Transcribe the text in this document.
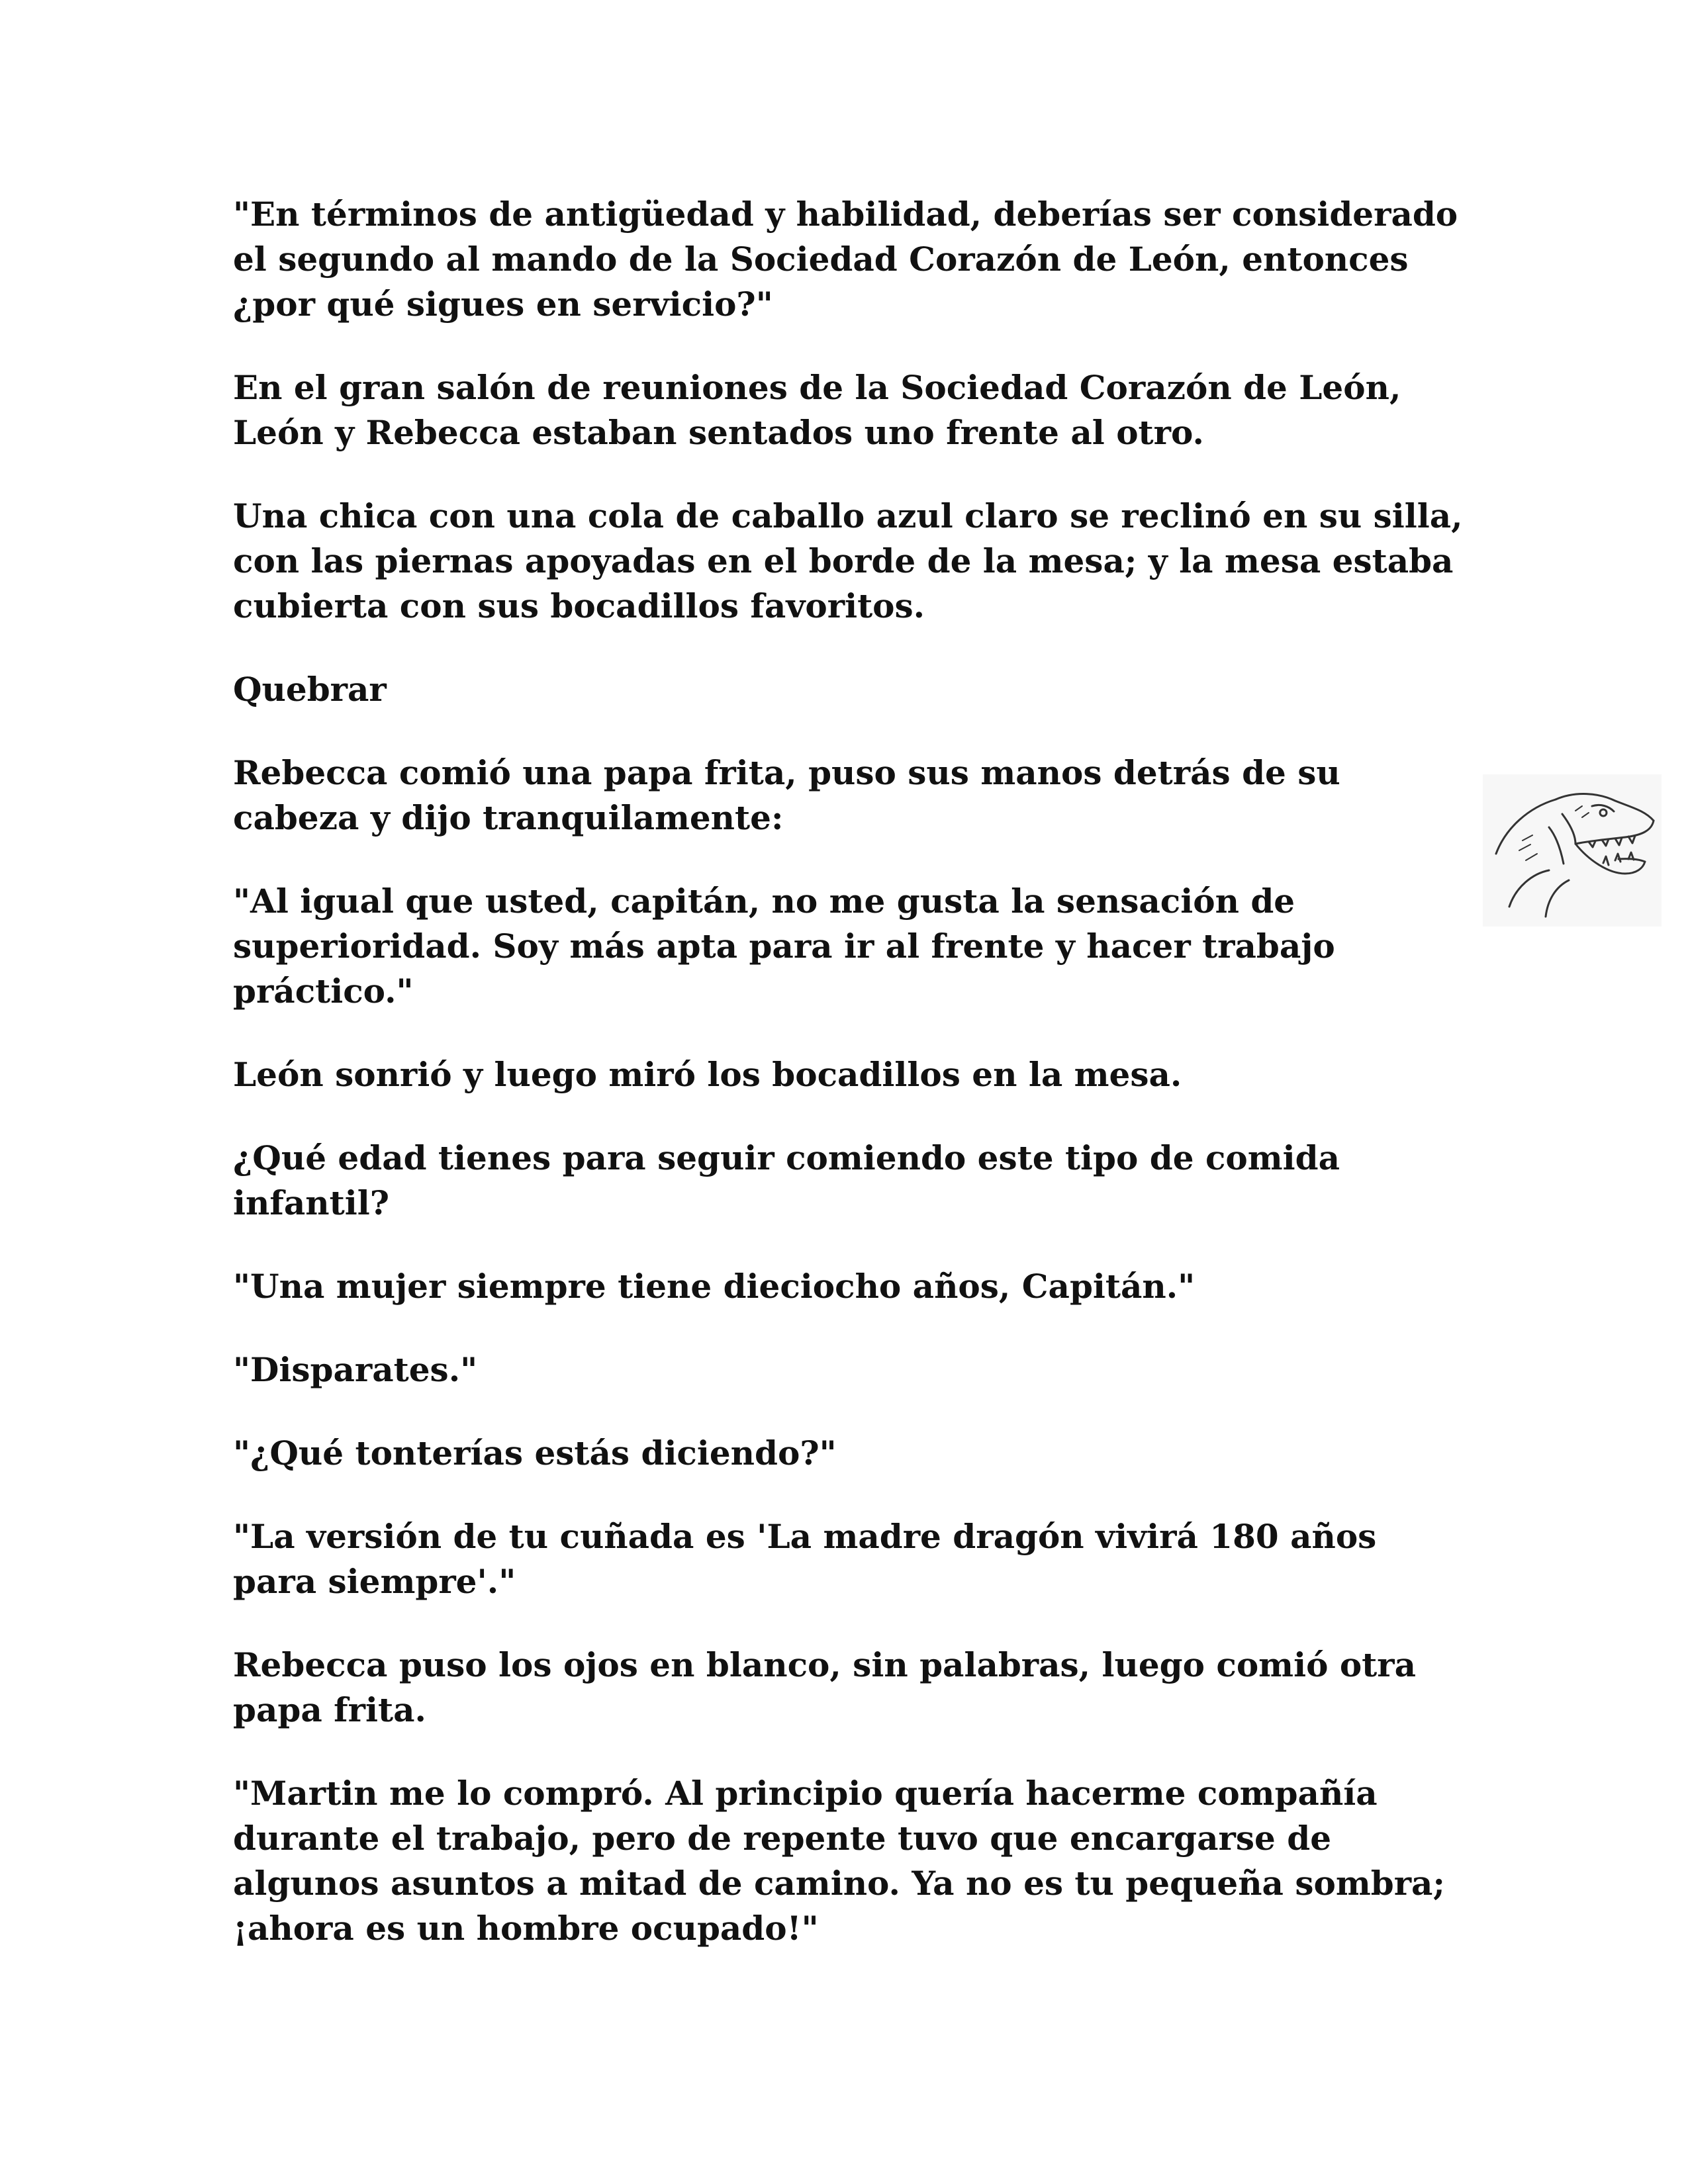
"En términos de antigüedad y habilidad, deberías ser considerado el segundo al mando de la Sociedad Corazón de León, entonces ¿por qué sigues en servicio?"

En el gran salón de reuniones de la Sociedad Corazón de León, León y Rebecca estaban sentados uno frente al otro.

Una chica con una cola de caballo azul claro se reclinó en su silla, con las piernas apoyadas en el borde de la mesa; y la mesa estaba cubierta con sus bocadillos favoritos.

Quebrar

Rebecca comió una papa frita, puso sus manos detrás de su cabeza y dijo tranquilamente:

"Al igual que usted, capitán, no me gusta la sensación de superioridad. Soy más apta para ir al frente y hacer trabajo práctico."

León sonrió y luego miró los bocadillos en la mesa.

¿Qué edad tienes para seguir comiendo este tipo de comida infantil?

"Una mujer siempre tiene dieciocho años, Capitán."

"Disparates."

"¿Qué tonterías estás diciendo?"

"La versión de tu cuñada es 'La madre dragón vivirá 180 años para siempre'."

Rebecca puso los ojos en blanco, sin palabras, luego comió otra papa frita.

"Martin me lo compró. Al principio quería hacerme compañía durante el trabajo, pero de repente tuvo que encargarse de algunos asuntos a mitad de camino. Ya no es tu pequeña sombra; ¡ahora es un hombre ocupado!"
